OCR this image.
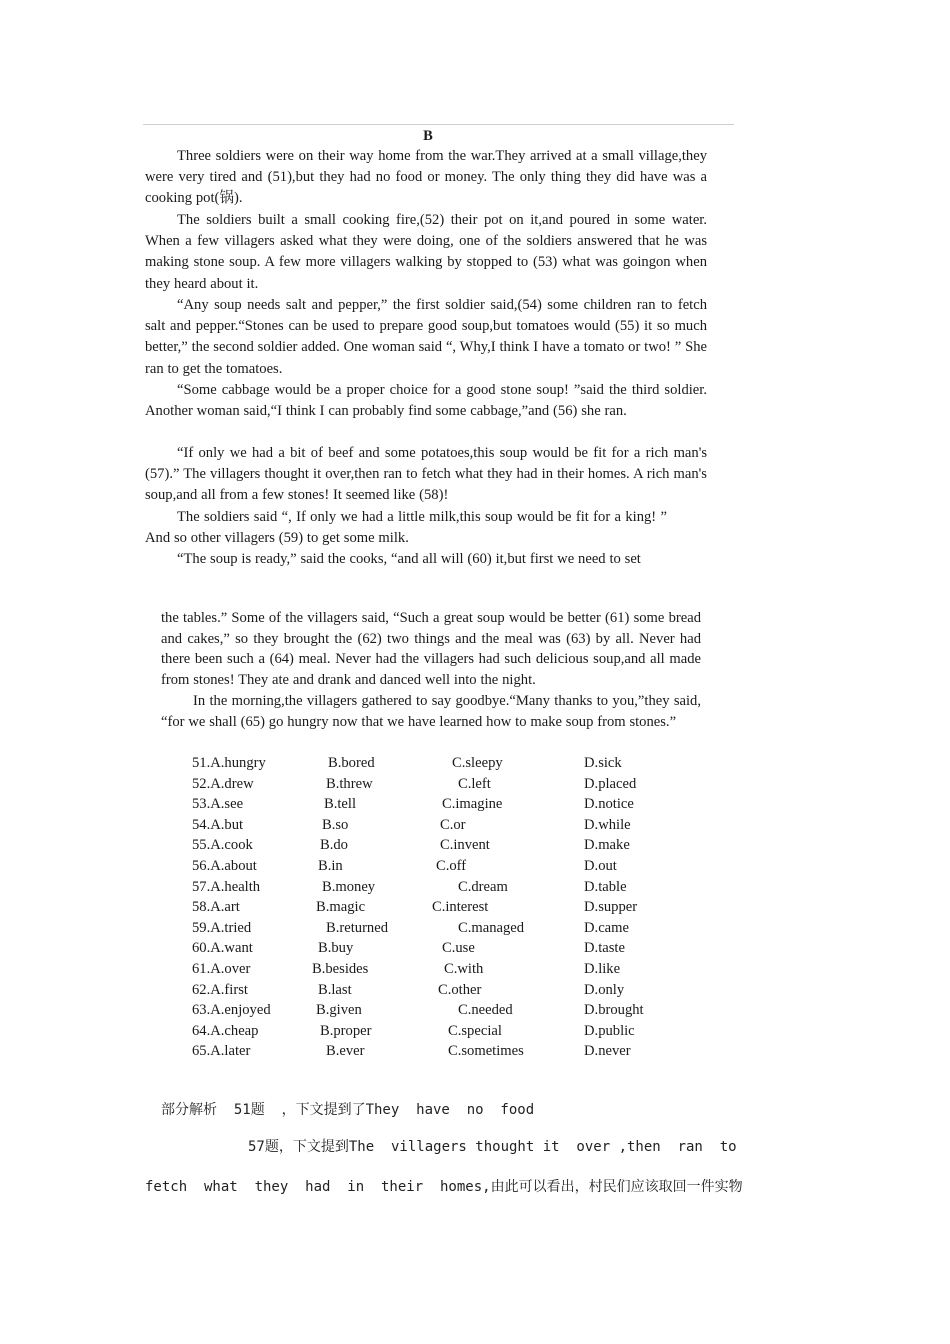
B

Three soldiers were on their way home from the war.They arrived at a small village,they were very tired and (51),but they had no food or money. The only thing they did have was a cooking pot(锅).

The soldiers built a small cooking fire,(52) their pot on it,and poured in some water. When a few villagers asked what they were doing, one of the soldiers answered that he was making stone soup. A few more villagers walking by stopped to (53) what was goingon when they heard about it.

“Any soup needs salt and pepper,” the first soldier said,(54) some children ran to fetch salt and pepper.“Stones can be used to prepare good soup,but tomatoes would (55) it so much better,” the second soldier added. One woman said “, Why,I think I have a tomato or two! ” She ran to get the tomatoes.

“Some cabbage would be a proper choice for a good stone soup! ”said the third soldier. Another woman said,“I think I can probably find some cabbage,”and (56) she ran.

“If only we had a bit of beef and some potatoes,this soup would be fit for a rich man's (57).” The villagers thought it over,then ran to fetch what they had in their homes. A rich man's soup,and all from a few stones! It seemed like (58)!

The soldiers said “, If only we had a little milk,this soup would be fit for a king! ” And so other villagers (59) to get some milk.

“The soup is ready,” said the cooks, “and all will (60) it,but first we need to set

the tables.” Some of the villagers said, “Such a great soup would be better (61) some bread and cakes,” so they brought the (62) two things and the meal was (63) by all. Never had there been such a (64) meal. Never had the villagers had such delicious soup,and all made from stones! They ate and drank and danced well into the night.

In the morning,the villagers gathered to say goodbye.“Many thanks to you,”they said, “for we shall (65) go hungry now that we have learned how to make soup from stones.”

51.A.hungry	B.bored	C.sleepy	D.sick
52.A.drew	B.threw	C.left	D.placed
53.A.see	B.tell	C.imagine	D.notice
54.A.but	B.so	C.or	D.while
55.A.cook	B.do	C.invent	D.make
56.A.about	B.in	C.off	D.out
57.A.health	B.money	C.dream	D.table
58.A.art	B.magic	C.interest	D.supper
59.A.tried	B.returned	C.managed	D.came
60.A.want	B.buy	C.use	D.taste
61.A.over	B.besides	C.with	D.like
62.A.first	B.last	C.other	D.only
63.A.enjoyed	B.given	C.needed	D.brought
64.A.cheap	B.proper	C.special	D.public
65.A.later	B.ever	C.sometimes	D.never
部分解析  51题  ，下文提到了They  have  no  food
57题，下文提到The  villagers thought it  over ,then  ran  to
fetch  what  they  had  in  their  homes,由此可以看出，村民们应该取回一件实物
